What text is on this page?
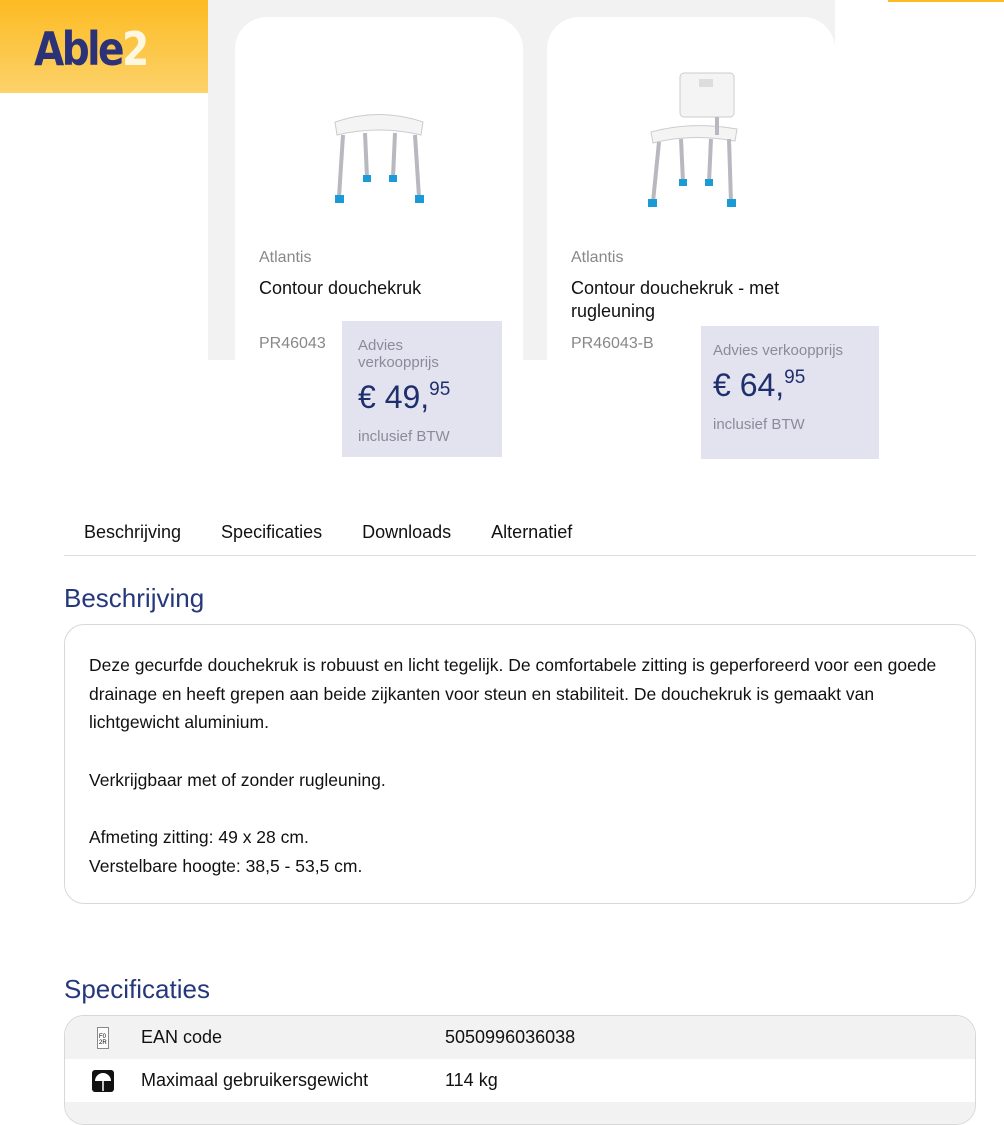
Able2
Atlantis
Contour douchekruk
PR46043
Atlantis
Contour douchekruk - met rugleuning
PR46043-B
Advies verkoopprijs
€ 49,95
inclusief BTW
Advies verkoopprijs
€ 64,95
inclusief BTW
Beschrijving	Specificaties	Downloads	Alternatief
Beschrijving

Deze gecurfde douchekruk is robuust en licht tegelijk. De comfortabele zitting is geperforeerd voor een goede drainage en heeft grepen aan beide zijkanten voor steun en stabiliteit. De douchekruk is gemaakt van lichtgewicht aluminium.

Verkrijgbaar met of zonder rugleuning.

Afmeting zitting: 49 x 28 cm.
Verstelbare hoogte: 38,5 - 53,5 cm.
Specificaties
F0
2R EAN code	5050996036038
Maximaal gebruikersgewicht	114 kg
